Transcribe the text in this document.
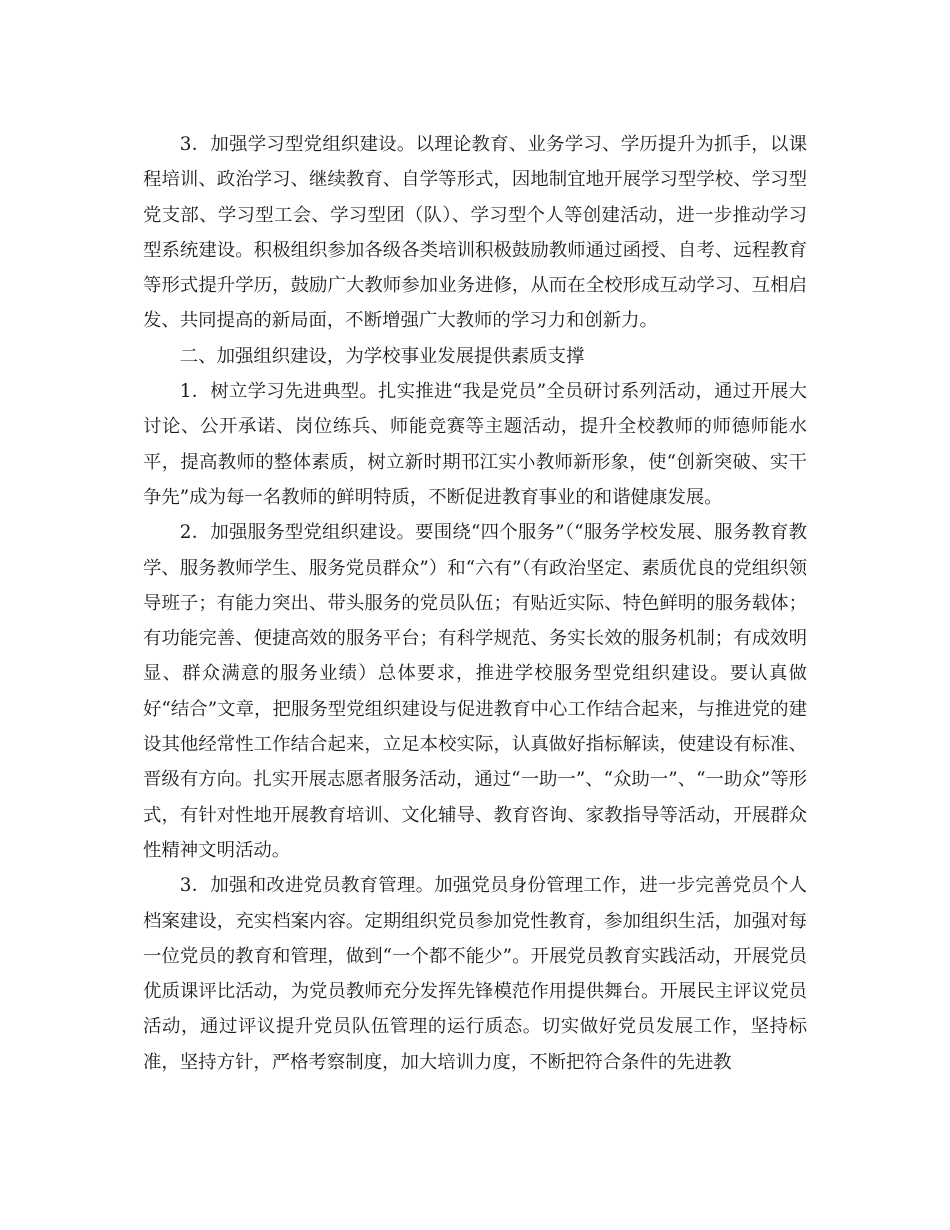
3．加强学习型党组织建设。以理论教育、业务学习、学历提升为抓手，以课程培训、政治学习、继续教育、自学等形式，因地制宜地开展学习型学校、学习型党支部、学习型工会、学习型团（队）、学习型个人等创建活动，进一步推动学习型系统建设。积极组织参加各级各类培训积极鼓励教师通过函授、自考、远程教育等形式提升学历，鼓励广大教师参加业务进修，从而在全校形成互动学习、互相启发、共同提高的新局面，不断增强广大教师的学习力和创新力。

二、加强组织建设，为学校事业发展提供素质支撑

1．树立学习先进典型。扎实推进“我是党员”全员研讨系列活动，通过开展大讨论、公开承诺、岗位练兵、师能竞赛等主题活动，提升全校教师的师德师能水平，提高教师的整体素质，树立新时期邗江实小教师新形象，使“创新突破、实干争先”成为每一名教师的鲜明特质，不断促进教育事业的和谐健康发展。

2．加强服务型党组织建设。要围绕“四个服务”（“服务学校发展、服务教育教学、服务教师学生、服务党员群众”）和“六有”（有政治坚定、素质优良的党组织领导班子；有能力突出、带头服务的党员队伍；有贴近实际、特色鲜明的服务载体；有功能完善、便捷高效的服务平台；有科学规范、务实长效的服务机制；有成效明显、群众满意的服务业绩）总体要求，推进学校服务型党组织建设。要认真做好“结合”文章，把服务型党组织建设与促进教育中心工作结合起来，与推进党的建设其他经常性工作结合起来，立足本校实际，认真做好指标解读，使建设有标准、晋级有方向。扎实开展志愿者服务活动，通过“一助一”、“众助一”、“一助众”等形式，有针对性地开展教育培训、文化辅导、教育咨询、家教指导等活动，开展群众性精神文明活动。

3．加强和改进党员教育管理。加强党员身份管理工作，进一步完善党员个人档案建设，充实档案内容。定期组织党员参加党性教育，参加组织生活，加强对每一位党员的教育和管理，做到“一个都不能少”。开展党员教育实践活动，开展党员优质课评比活动，为党员教师充分发挥先锋模范作用提供舞台。开展民主评议党员活动，通过评议提升党员队伍管理的运行质态。切实做好党员发展工作，坚持标准，坚持方针，严格考察制度，加大培训力度，不断把符合条件的先进教
